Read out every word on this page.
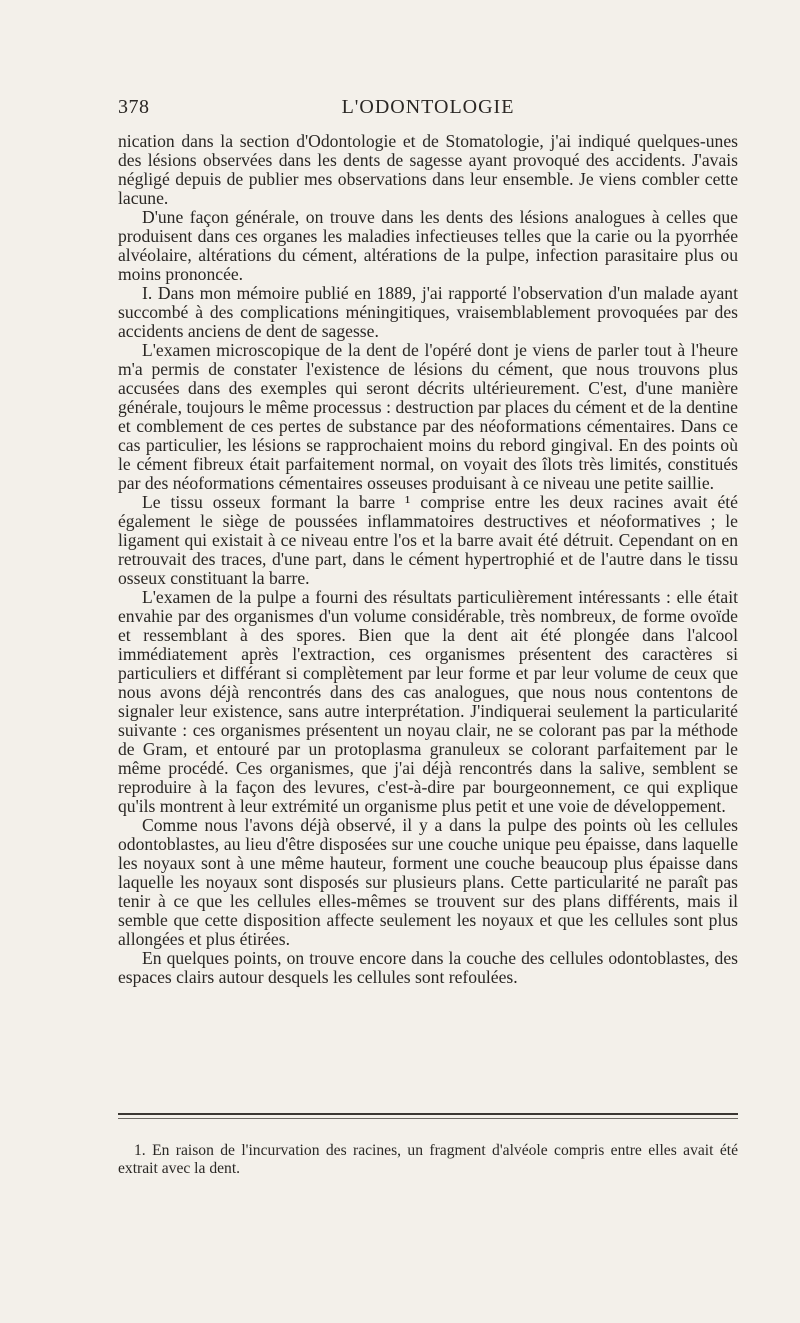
378	L'ODONTOLOGIE

nication dans la section d'Odontologie et de Stomatologie, j'ai indiqué quelques-unes des lésions observées dans les dents de sagesse ayant provoqué des accidents. J'avais négligé depuis de publier mes observations dans leur ensemble. Je viens combler cette lacune.

D'une façon générale, on trouve dans les dents des lésions analogues à celles que produisent dans ces organes les maladies infectieuses telles que la carie ou la pyorrhée alvéolaire, altérations du cément, altérations de la pulpe, infection parasitaire plus ou moins prononcée.

I. Dans mon mémoire publié en 1889, j'ai rapporté l'observation d'un malade ayant succombé à des complications méningitiques, vraisemblablement provoquées par des accidents anciens de dent de sagesse.

L'examen microscopique de la dent de l'opéré dont je viens de parler tout à l'heure m'a permis de constater l'existence de lésions du cément, que nous trouvons plus accusées dans des exemples qui seront décrits ultérieurement. C'est, d'une manière générale, toujours le même processus : destruction par places du cément et de la dentine et comblement de ces pertes de substance par des néoformations cémentaires. Dans ce cas particulier, les lésions se rapprochaient moins du rebord gingival. En des points où le cément fibreux était parfaitement normal, on voyait des îlots très limités, constitués par des néoformations cémentaires osseuses produisant à ce niveau une petite saillie.

Le tissu osseux formant la barre ¹ comprise entre les deux racines avait été également le siège de poussées inflammatoires destructives et néoformatives ; le ligament qui existait à ce niveau entre l'os et la barre avait été détruit. Cependant on en retrouvait des traces, d'une part, dans le cément hypertrophié et de l'autre dans le tissu osseux constituant la barre.

L'examen de la pulpe a fourni des résultats particulièrement intéressants : elle était envahie par des organismes d'un volume considérable, très nombreux, de forme ovoïde et ressemblant à des spores. Bien que la dent ait été plongée dans l'alcool immédiatement après l'extraction, ces organismes présentent des caractères si particuliers et différant si complètement par leur forme et par leur volume de ceux que nous avons déjà rencontrés dans des cas analogues, que nous nous contentons de signaler leur existence, sans autre interprétation. J'indiquerai seulement la particularité suivante : ces organismes présentent un noyau clair, ne se colorant pas par la méthode de Gram, et entouré par un protoplasma granuleux se colorant parfaitement par le même procédé. Ces organismes, que j'ai déjà rencontrés dans la salive, semblent se reproduire à la façon des levures, c'est-à-dire par bourgeonnement, ce qui explique qu'ils montrent à leur extrémité un organisme plus petit et une voie de développement.

Comme nous l'avons déjà observé, il y a dans la pulpe des points où les cellules odontoblastes, au lieu d'être disposées sur une couche unique peu épaisse, dans laquelle les noyaux sont à une même hauteur, forment une couche beaucoup plus épaisse dans laquelle les noyaux sont disposés sur plusieurs plans. Cette particularité ne paraît pas tenir à ce que les cellules elles-mêmes se trouvent sur des plans différents, mais il semble que cette disposition affecte seulement les noyaux et que les cellules sont plus allongées et plus étirées.

En quelques points, on trouve encore dans la couche des cellules odontoblastes, des espaces clairs autour desquels les cellules sont refoulées.

1. En raison de l'incurvation des racines, un fragment d'alvéole compris entre elles avait été extrait avec la dent.
